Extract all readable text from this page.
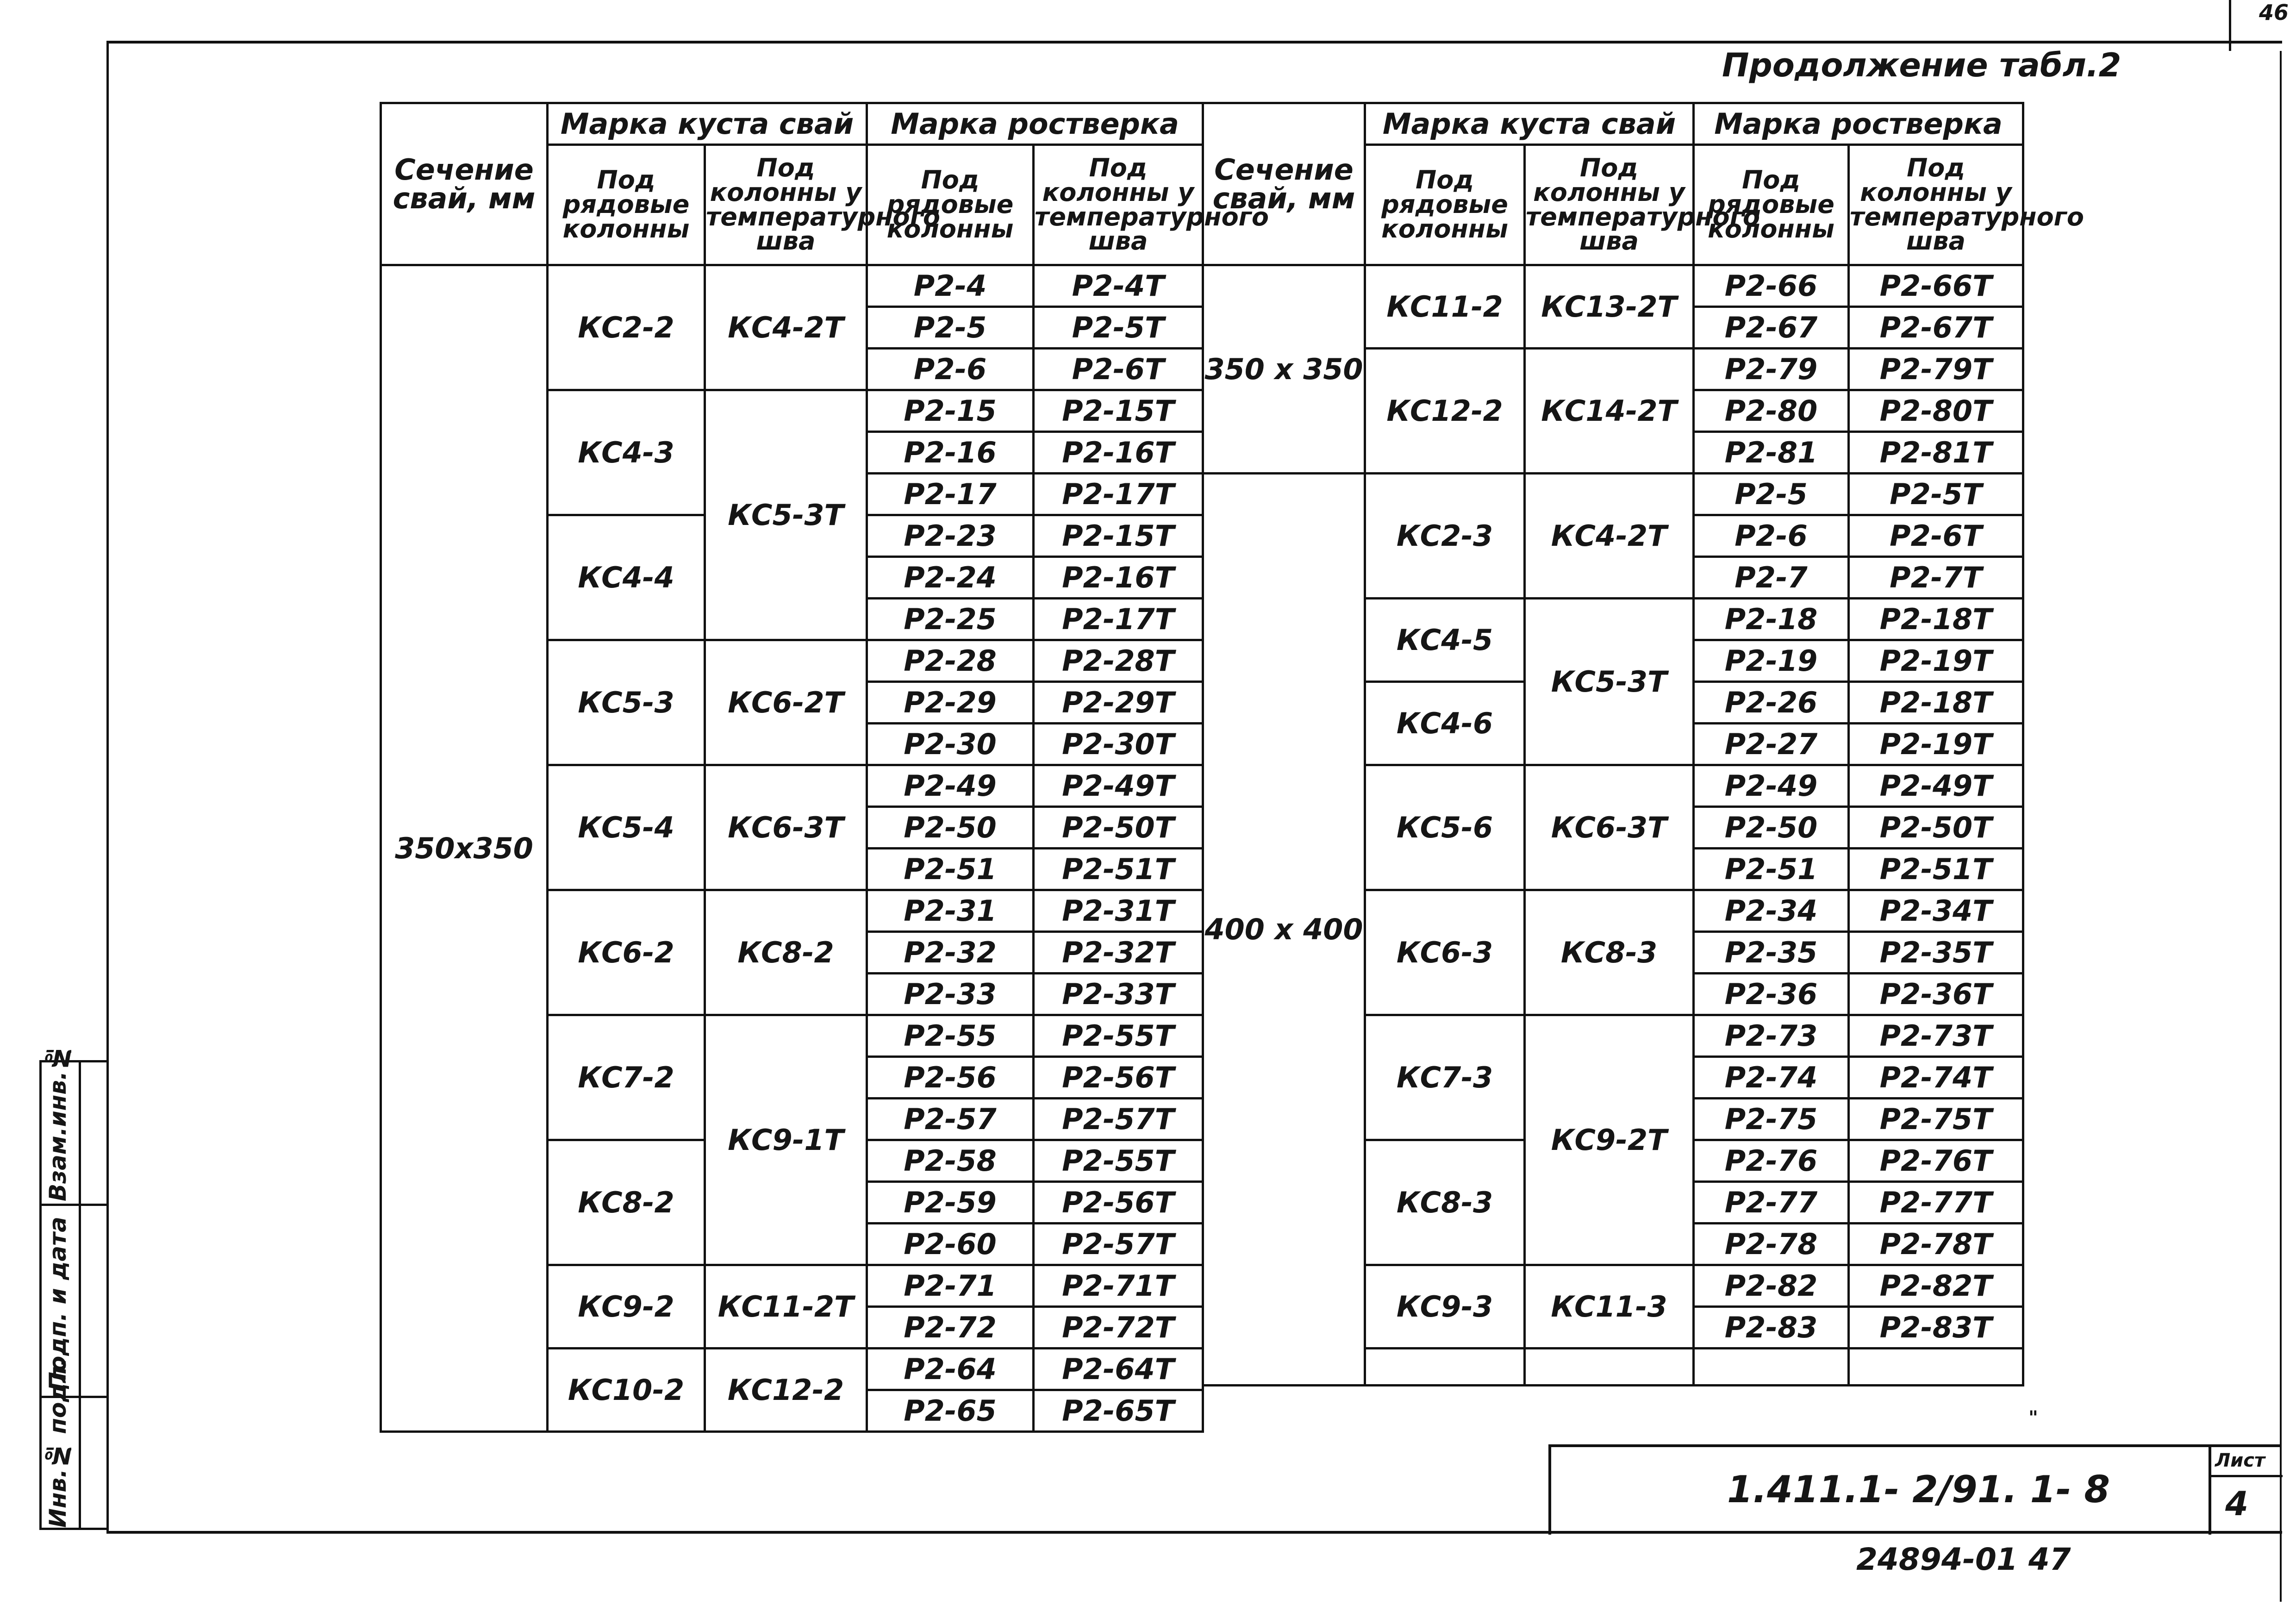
46
Продолжение табл.2
Сечение свай, мм	Марка куста свай		Марка ростверка	
	Под рядовые колонны	Под колонны у температурного шва	Под рядовые колонны	Под колонны у температурного шва
350x350	КС2-2	КС4-2Т	Р2-4	Р2-4Т
			Р2-5	Р2-5Т
			Р2-6	Р2-6Т
	КС4-3	КС5-3Т	Р2-15	Р2-15Т
			Р2-16	Р2-16Т
			Р2-17	Р2-17Т
	КС4-4		Р2-23	Р2-15Т
			Р2-24	Р2-16Т
			Р2-25	Р2-17Т
	КС5-3	КС6-2Т	Р2-28	Р2-28Т
			Р2-29	Р2-29Т
			Р2-30	Р2-30Т
	КС5-4	КС6-3Т	Р2-49	Р2-49Т
			Р2-50	Р2-50Т
			Р2-51	Р2-51Т
	КС6-2	КС8-2	Р2-31	Р2-31Т
			Р2-32	Р2-32Т
			Р2-33	Р2-33Т
	КС7-2	КС9-1Т	Р2-55	Р2-55Т
			Р2-56	Р2-56Т
			Р2-57	Р2-57Т
	КС8-2		Р2-58	Р2-55Т
			Р2-59	Р2-56Т
			Р2-60	Р2-57Т
	КС9-2	КС11-2Т	Р2-71	Р2-71Т
			Р2-72	Р2-72Т
	КС10-2	КС12-2	Р2-64	Р2-64Т
			Р2-65	Р2-65Т
Сечение свай, мм	Марка куста свай		Марка ростверка		
	Под рядовые колонны	Под колонны у температурного шва	Под рядовые колонны	Под колонны у температурного шва	
350 x 350	КС11-2	КС13-2Т	Р2-66	Р2-66Т	
			Р2-67	Р2-67Т	
	КС12-2	КС14-2Т	Р2-79	Р2-79Т	
			Р2-80	Р2-80Т	
			Р2-81	Р2-81Т	
400 x 400	КС2-3	КС4-2Т	Р2-5	Р2-5Т	
			Р2-6	Р2-6Т	
			Р2-7	Р2-7Т	
	КС4-5	КС5-3Т	Р2-18	Р2-18Т	
			Р2-19	Р2-19Т	
	КС4-6		Р2-26	Р2-18Т	
			Р2-27	Р2-19Т	
	КС5-6	КС6-3Т	Р2-49	Р2-49Т	
			Р2-50	Р2-50Т	
			Р2-51	Р2-51Т	
	КС6-3	КС8-3	Р2-34	Р2-34Т	
			Р2-35	Р2-35Т	
			Р2-36	Р2-36Т	
	КС7-3	КС9-2Т	Р2-73	Р2-73Т	
			Р2-74	Р2-74Т	
			Р2-75	Р2-75Т	
	КС8-3		Р2-76	Р2-76Т	
			Р2-77	Р2-77Т	
			Р2-78	Р2-78Т	
	КС9-3	КС11-3	Р2-82	Р2-82Т	
			Р2-83	Р2-83Т	

"
Взам.инв.№
Подп. и дата
Инв.№ подл.	1.411.1- 2/91. 1- 8
Лист
4
24894-01 47
